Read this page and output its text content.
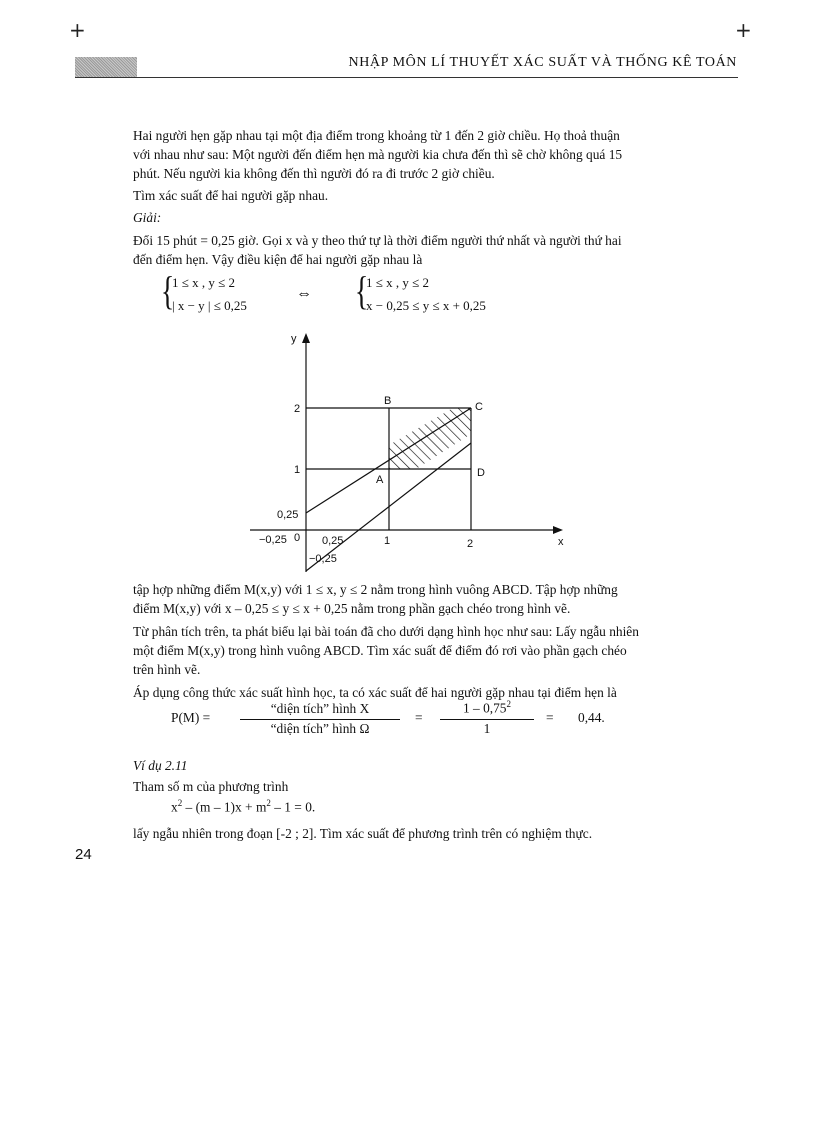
+	+
NHẬP MÔN LÍ THUYẾT XÁC SUẤT VÀ THỐNG KÊ TOÁN
Hai người hẹn gặp nhau tại một địa điểm trong khoảng từ 1 đến 2 giờ chiều. Họ thoả thuận
với nhau như sau: Một người đến điểm hẹn mà người kia chưa đến thì sẽ chờ không quá 15
phút. Nếu người kia không đến thì người đó ra đi trước 2 giờ chiều.
Tìm xác suất để hai người gặp nhau.
Giải:
Đổi 15 phút = 0,25 giờ. Gọi x và y theo thứ tự là thời điểm người thứ nhất và người thứ hai
đến điểm hẹn. Vậy điều kiện để hai người gặp nhau là
{
1 ≤ x , y ≤ 2
| x − y | ≤ 0,25
⇔ {
1 ≤ x , y ≤ 2
x − 0,25 ≤ y ≤ x + 0,25
y
x
2
1
0,25
−0,25 0 0,25	1	2
−0,25
A
B	C
D
tập hợp những điểm M(x,y) với 1 ≤ x, y ≤ 2 nằm trong hình vuông ABCD. Tập hợp những
điểm M(x,y) với x – 0,25 ≤ y ≤ x + 0,25 nằm trong phần gạch chéo trong hình vẽ.
Từ phân tích trên, ta phát biểu lại bài toán đã cho dưới dạng hình học như sau: Lấy ngẫu nhiên
một điểm M(x,y) trong hình vuông ABCD. Tìm xác suất để điểm đó rơi vào phần gạch chéo
trên hình vẽ.
Áp dụng công thức xác suất hình học, ta có xác suất để hai người gặp nhau tại điểm hẹn là
P(M) =
“diện tích” hình X
“diện tích” hình Ω
=
1 – 0,75$^2$
1
= 0,44.
Ví dụ 2.11
Tham số m của phương trình
$x^2 - (m - 1)x + m^2 - 1 = 0$.
lấy ngẫu nhiên trong đoạn [-2 ; 2]. Tìm xác suất để phương trình trên có nghiệm thực.
24
